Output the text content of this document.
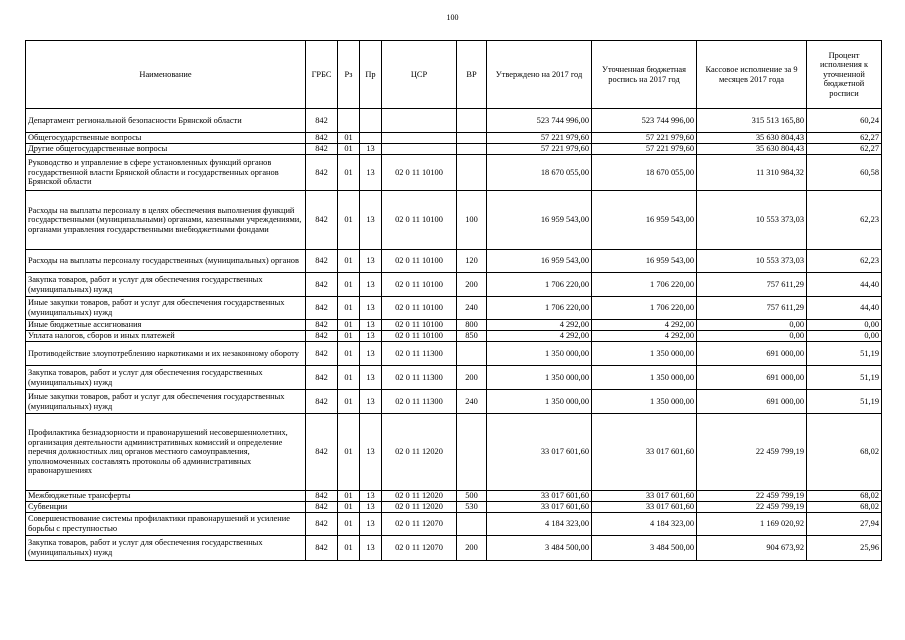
100
Наименование	ГРБС	Рз	Пр	ЦСР	ВР	Утверждено на 2017 год	Уточненная бюджетная роспись на 2017 год	Кассовое исполнение за 9 месяцев 2017 года	Процент исполнения к уточненной бюджетной росписи
Департамент региональной безопасности Брянской области	842					523 744 996,00	523 744 996,00	315 513 165,80	60,24
Общегосударственные вопросы	842	01				57 221 979,60	57 221 979,60	35 630 804,43	62,27
Другие общегосударственные вопросы	842	01	13			57 221 979,60	57 221 979,60	35 630 804,43	62,27
Руководство и управление в сфере установленных функций органов государственной власти Брянской области и государственных органов Брянской области	842	01	13	02 0 11 10100		18 670 055,00	18 670 055,00	11 310 984,32	60,58
Расходы на выплаты персоналу в целях обеспечения выполнения функций государственными (муниципальными) органами, казенными учреждениями, органами управления государственными внебюджетными фондами	842	01	13	02 0 11 10100	100	16 959 543,00	16 959 543,00	10 553 373,03	62,23
Расходы на выплаты персоналу государственных (муниципальных) органов	842	01	13	02 0 11 10100	120	16 959 543,00	16 959 543,00	10 553 373,03	62,23
Закупка товаров, работ и услуг для обеспечения государственных (муниципальных) нужд	842	01	13	02 0 11 10100	200	1 706 220,00	1 706 220,00	757 611,29	44,40
Иные закупки товаров, работ и услуг для обеспечения государственных (муниципальных) нужд	842	01	13	02 0 11 10100	240	1 706 220,00	1 706 220,00	757 611,29	44,40
Иные бюджетные ассигнования	842	01	13	02 0 11 10100	800	4 292,00	4 292,00	0,00	0,00
Уплата налогов, сборов и иных платежей	842	01	13	02 0 11 10100	850	4 292,00	4 292,00	0,00	0,00
Противодействие злоупотреблению наркотиками и их незаконному обороту	842	01	13	02 0 11 11300		1 350 000,00	1 350 000,00	691 000,00	51,19
Закупка товаров, работ и услуг для обеспечения государственных (муниципальных) нужд	842	01	13	02 0 11 11300	200	1 350 000,00	1 350 000,00	691 000,00	51,19
Иные закупки товаров, работ и услуг для обеспечения государственных (муниципальных) нужд	842	01	13	02 0 11 11300	240	1 350 000,00	1 350 000,00	691 000,00	51,19
Профилактика безнадзорности и правонарушений несовершеннолетних, организация деятельности административных комиссий и определение перечня должностных лиц органов местного самоуправления, уполномоченных составлять протоколы об административных правонарушениях	842	01	13	02 0 11 12020		33 017 601,60	33 017 601,60	22 459 799,19	68,02
Межбюджетные трансферты	842	01	13	02 0 11 12020	500	33 017 601,60	33 017 601,60	22 459 799,19	68,02
Субвенции	842	01	13	02 0 11 12020	530	33 017 601,60	33 017 601,60	22 459 799,19	68,02
Совершенствование системы профилактики правонарушений и усиление борьбы с преступностью	842	01	13	02 0 11 12070		4 184 323,00	4 184 323,00	1 169 020,92	27,94
Закупка товаров, работ и услуг для обеспечения государственных (муниципальных) нужд	842	01	13	02 0 11 12070	200	3 484 500,00	3 484 500,00	904 673,92	25,96
